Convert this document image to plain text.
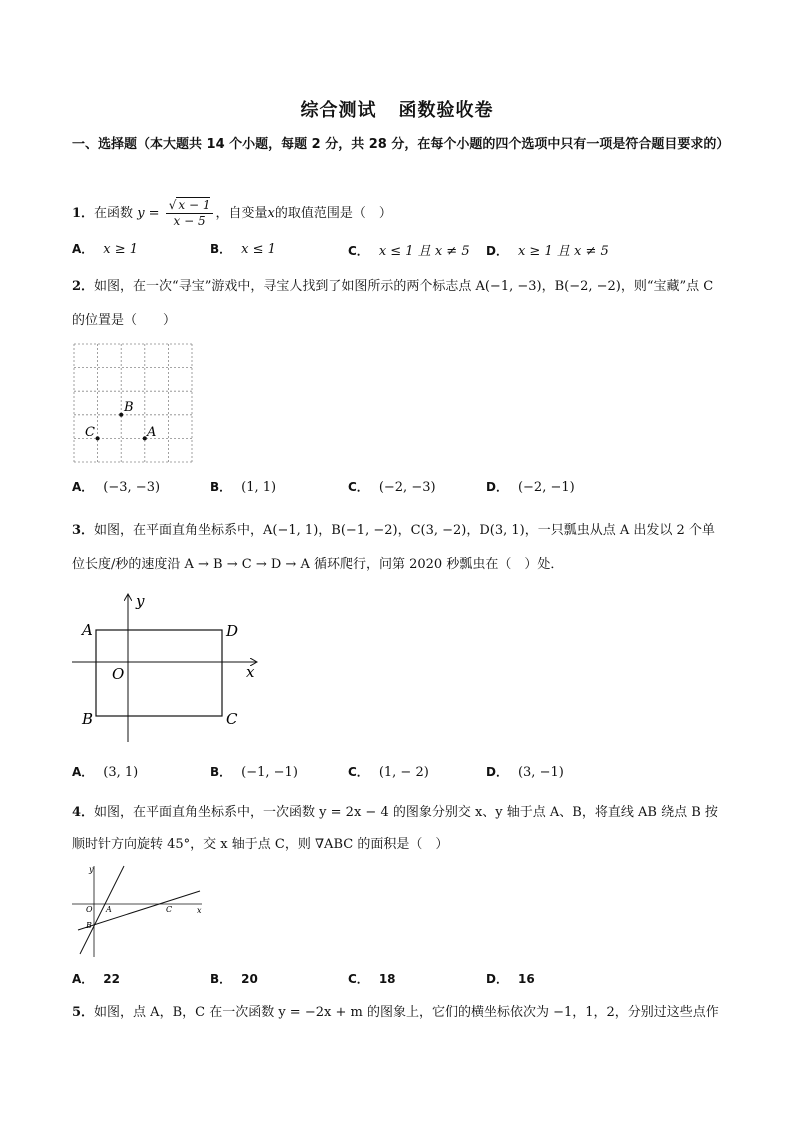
综合测试 函数验收卷
一、选择题（本大题共 14 个小题，每题 2 分，共 28 分，在每个小题的四个选项中只有一项是符合题目要求的）
1．在函数 $y = \frac{√ x - 1}{x - 5}$ ，自变量x的取值范围是（　）
A． x ≥ 1	B． x ≤ 1	C． x ≤ 1 且 x ≠ 5 D． x ≥ 1 且 x ≠ 5
2．如图，在一次“寻宝”游戏中，寻宝人找到了如图所示的两个标志点 A(−1, −3)，B(−2, −2)，则“宝藏”点 C
的位置是（　　）
B
C	A
A． (−3, −3)	B． (1, 1)	C． (−2, −3)	D． (−2, −1)
3．如图，在平面直角坐标系中，A(−1, 1)，B(−1, −2)，C(3, −2)，D(3, 1)，一只瓢虫从点 A 出发以 2 个单
位长度/秒的速度沿 A → B → C → D → A 循环爬行，问第 2020 秒瓢虫在（　）处．
A
B	C
D
O	x
y
A． (3, 1)	B． (−1, −1)	C． (1, − 2)	D． (3, −1)
4．如图，在平面直角坐标系中，一次函数 y = 2x − 4 的图象分别交 x、y 轴于点 A、B，将直线 AB 绕点 B 按
顺时针方向旋转 45°，交 x 轴于点 C，则 ∇ABC 的面积是（　）
y
O A
B
C	x
A． 22	B． 20	C． 18	D． 16
5．如图，点 A，B，C 在一次函数 y = −2x + m 的图象上，它们的横坐标依次为 −1，1，2，分别过这些点作
